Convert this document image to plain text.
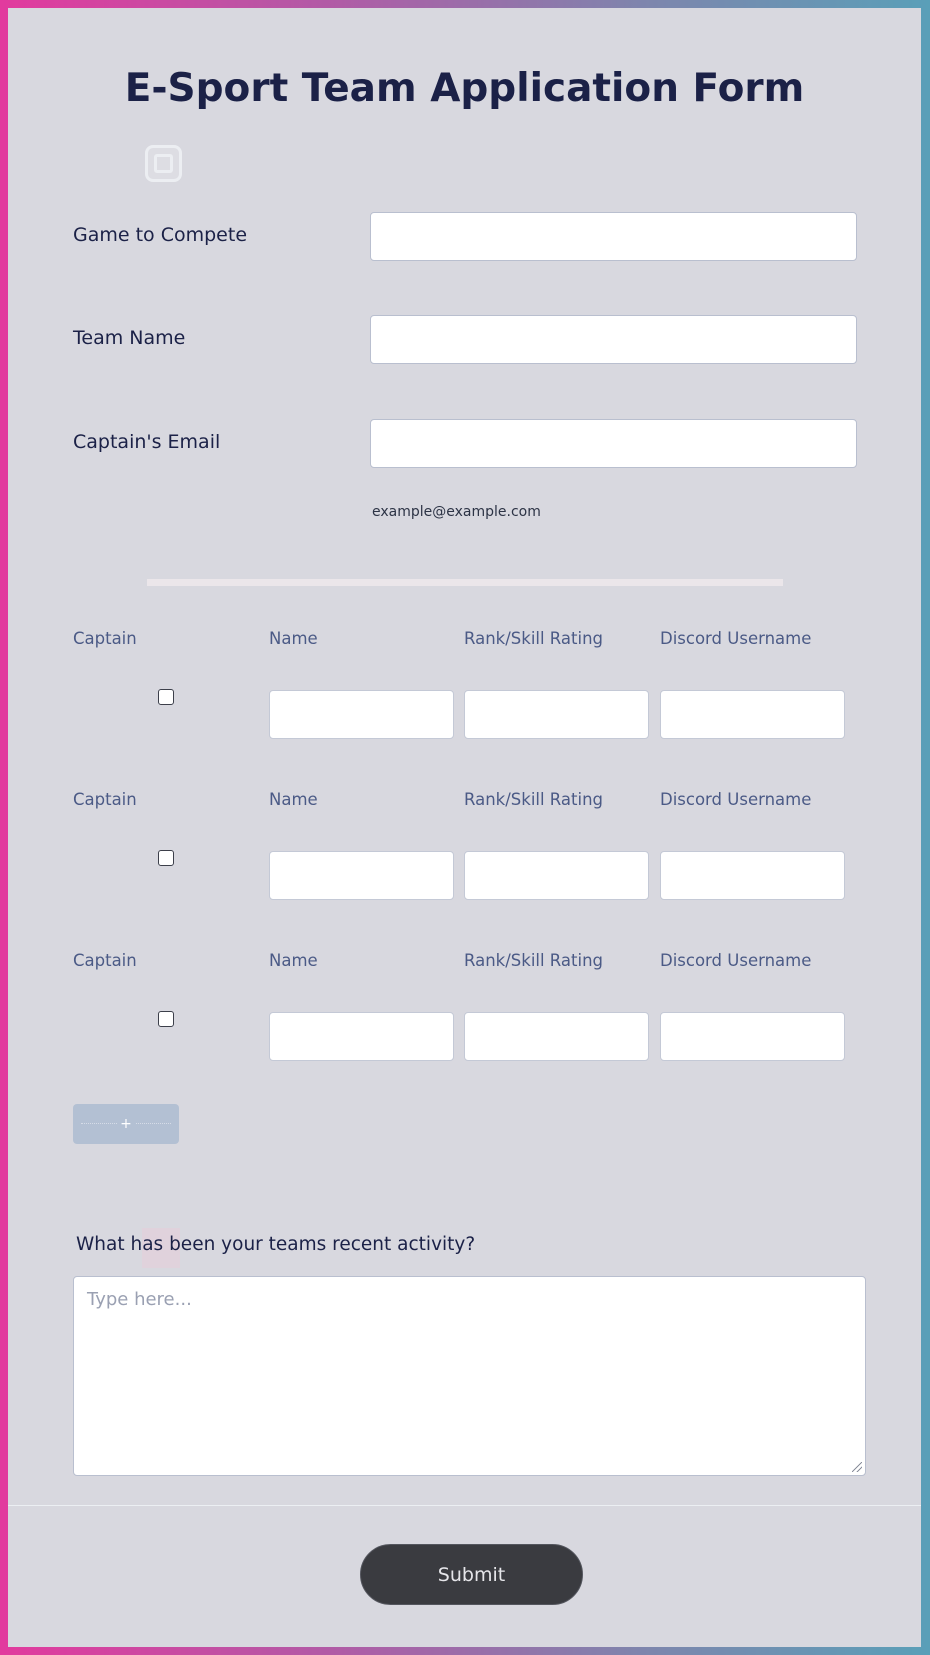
E-Sport Team Application Form
Game to Compete
Team Name
Captain's Email
example@example.com
Captain	Name	Rank/Skill Rating	Discord Username
Captain	Name	Rank/Skill Rating	Discord Username
Captain	Name	Rank/Skill Rating	Discord Username
+
What has been your teams recent activity?
Type here...
Submit
